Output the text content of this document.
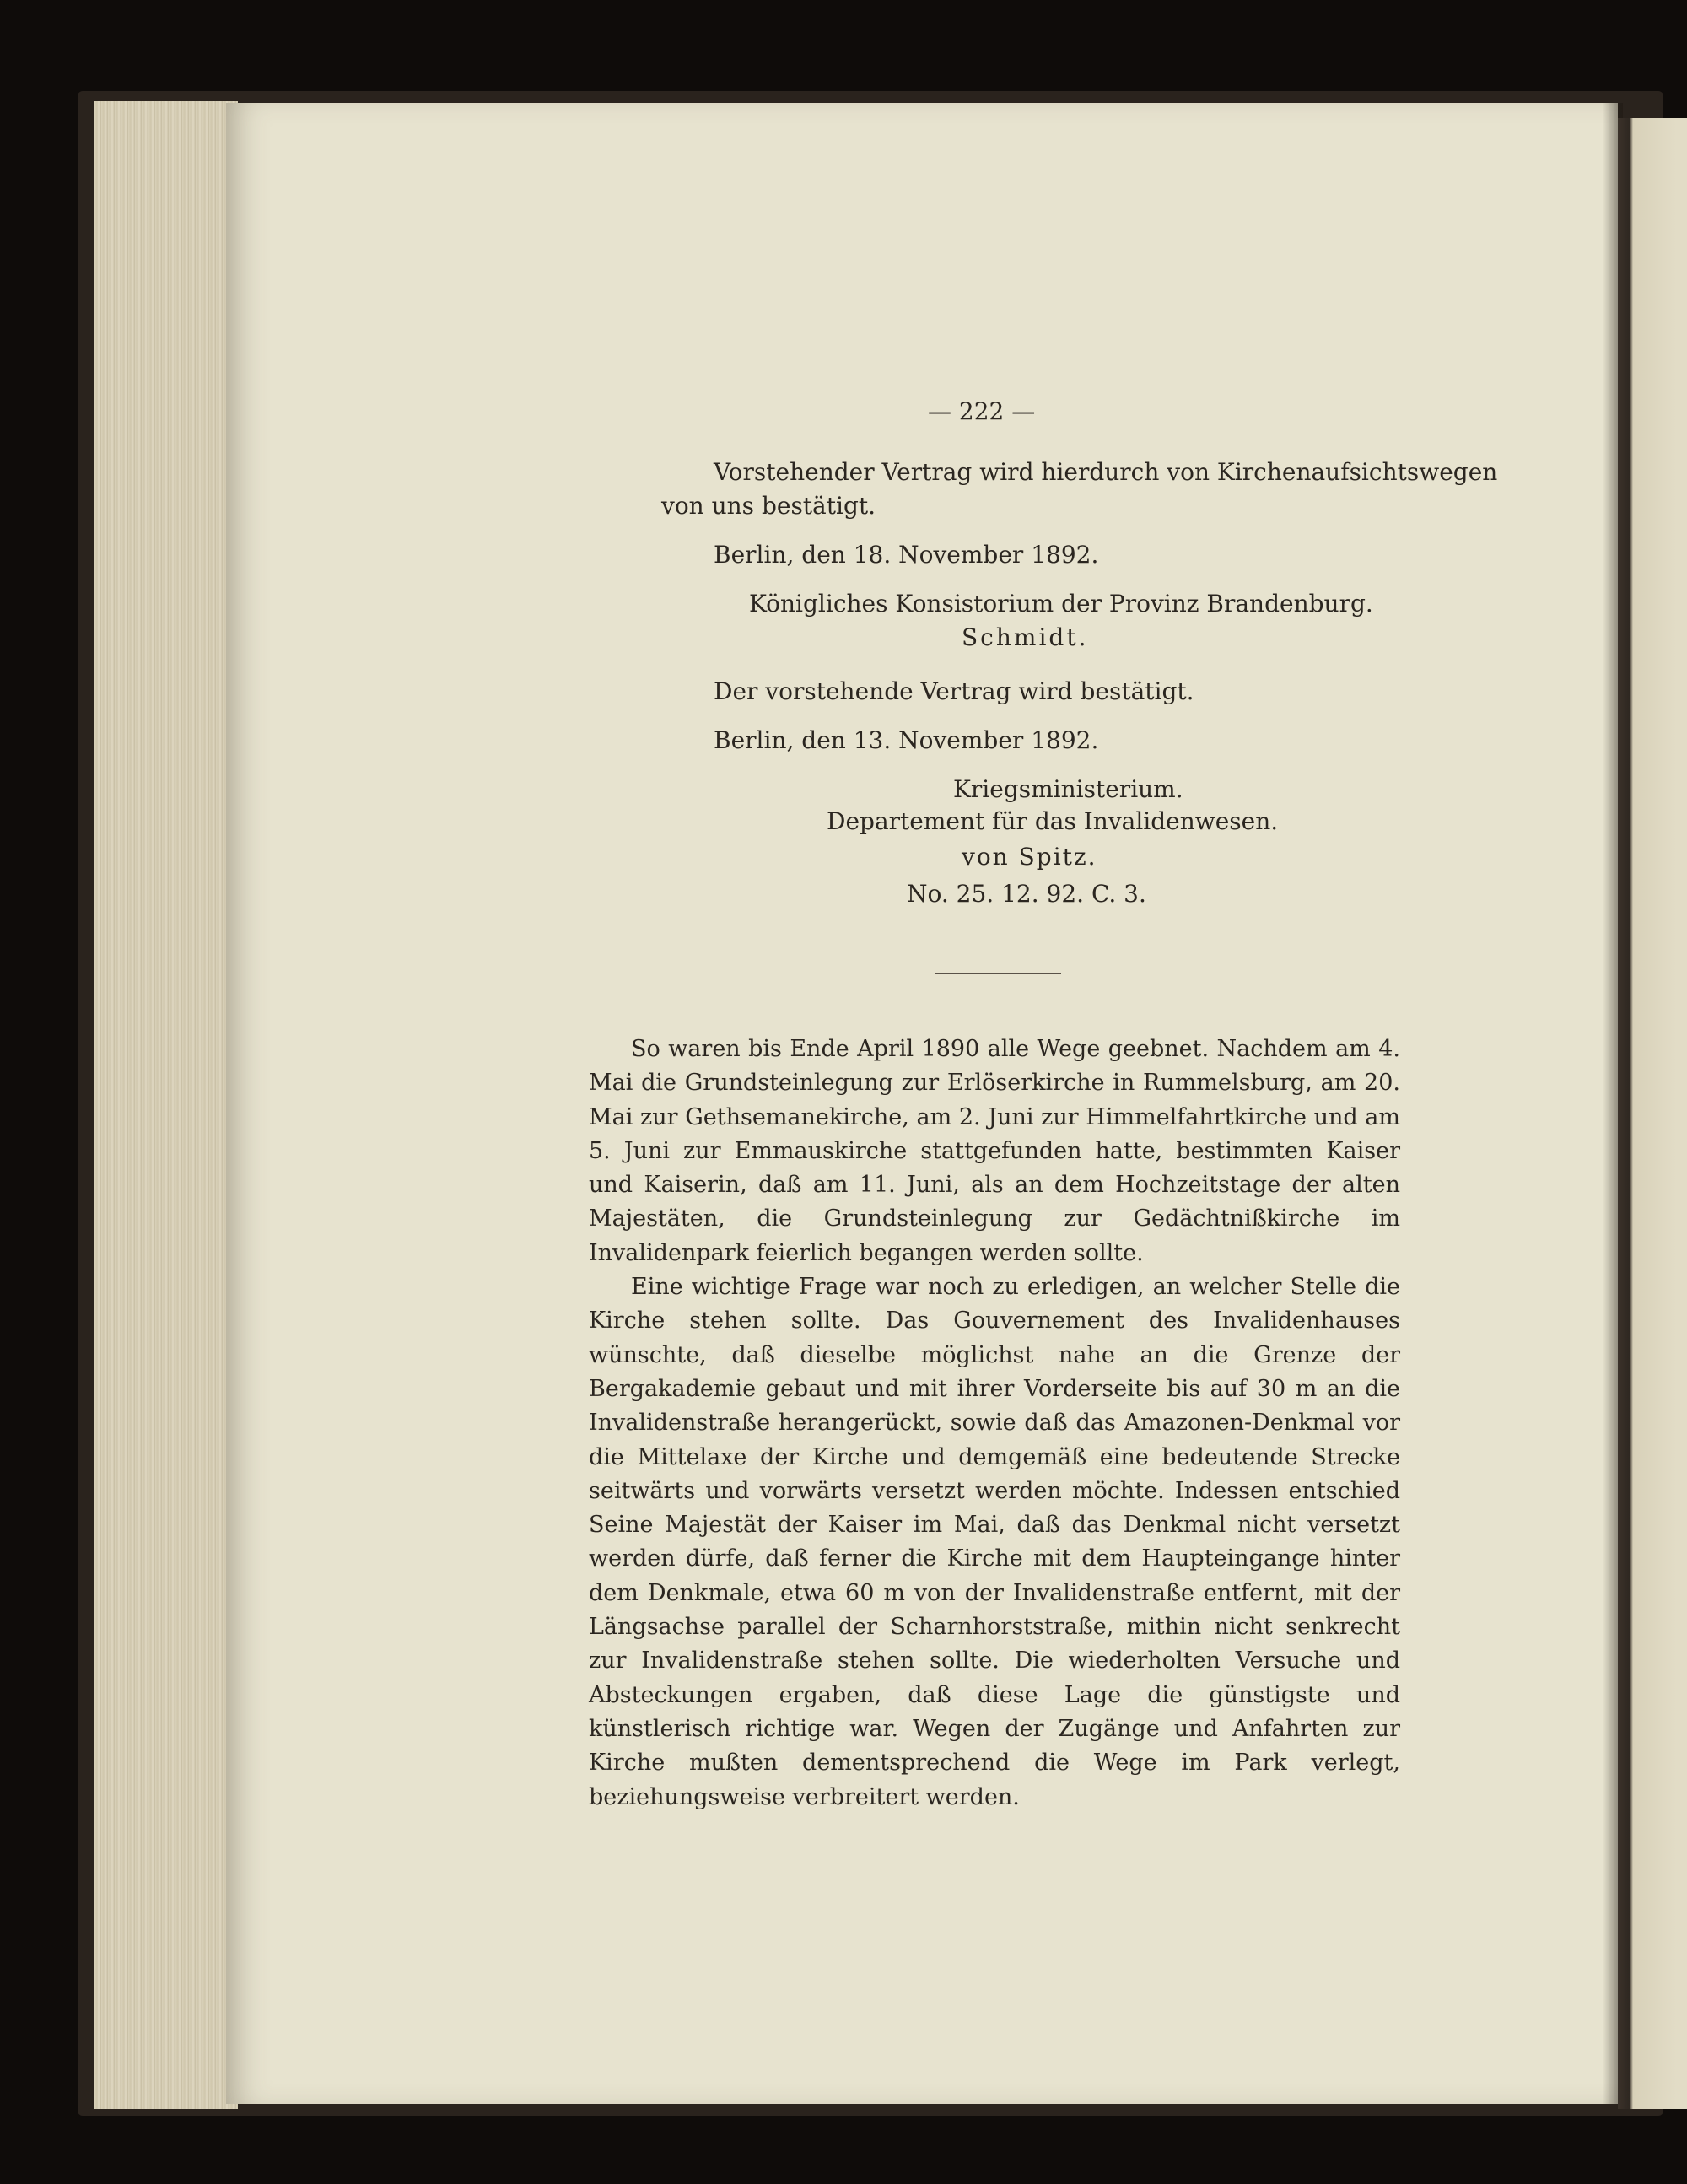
— 222 —
Vorstehender Vertrag wird hierdurch von Kirchenaufsichtswegen
von uns bestätigt.
Berlin, den 18. November 1892.
Königliches Konsistorium der Provinz Brandenburg.
Schmidt.
Der vorstehende Vertrag wird bestätigt.
Berlin, den 13. November 1892.
Kriegsministerium.
Departement für das Invalidenwesen.
von Spitz.
No. 25. 12. 92. C. 3.

So waren bis Ende April 1890 alle Wege geebnet. Nachdem am 4. Mai die Grundsteinlegung zur Erlöserkirche in Rummelsburg, am 20. Mai zur Gethsemanekirche, am 2. Juni zur Himmelfahrtkirche und am 5. Juni zur Emmauskirche stattgefunden hatte, bestimmten Kaiser und Kaiserin, daß am 11. Juni, als an dem Hochzeitstage der alten Majestäten, die Grundsteinlegung zur Gedächtnißkirche im Invalidenpark feierlich begangen werden sollte.

Eine wichtige Frage war noch zu erledigen, an welcher Stelle die Kirche stehen sollte. Das Gouvernement des Invalidenhauses wünschte, daß dieselbe möglichst nahe an die Grenze der Bergakademie gebaut und mit ihrer Vorderseite bis auf 30 m an die Invalidenstraße herangerückt, sowie daß das Amazonen-Denkmal vor die Mittelaxe der Kirche und demgemäß eine bedeutende Strecke seitwärts und vorwärts versetzt werden möchte. Indessen entschied Seine Majestät der Kaiser im Mai, daß das Denkmal nicht versetzt werden dürfe, daß ferner die Kirche mit dem Haupteingange hinter dem Denkmale, etwa 60 m von der Invalidenstraße entfernt, mit der Längsachse parallel der Scharnhorststraße, mithin nicht senkrecht zur Invalidenstraße stehen sollte. Die wiederholten Versuche und Absteckungen ergaben, daß diese Lage die günstigste und künstlerisch richtige war. Wegen der Zugänge und Anfahrten zur Kirche mußten dementsprechend die Wege im Park verlegt, beziehungsweise verbreitert werden.
